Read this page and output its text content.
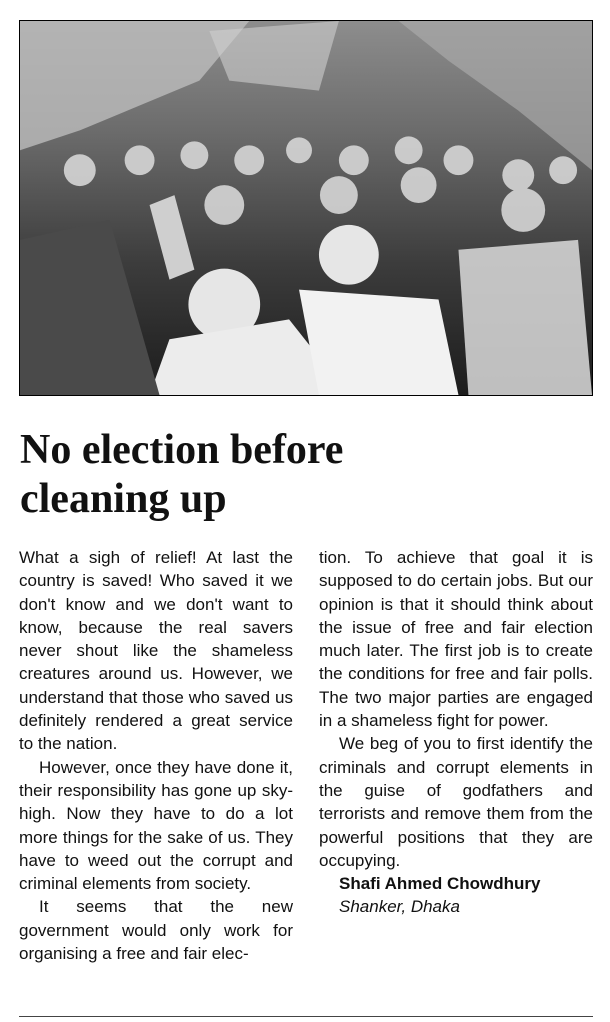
No election before
cleaning up

What a sigh of relief! At last the country is saved! Who saved it we don't know and we don't want to know, because the real savers never shout like the shameless creatures around us. However, we understand that those who saved us definitely rendered a great service to the nation.

However, once they have done it, their responsibility has gone up sky-high. Now they have to do a lot more things for the sake of us. They have to weed out the corrupt and criminal elements from society.

It seems that the new government would only work for organising a free and fair elec-

tion. To achieve that goal it is supposed to do certain jobs. But our opinion is that it should think about the issue of free and fair election much later. The first job is to create the conditions for free and fair polls. The two major parties are engaged in a shameless fight for power.

We beg of you to first identify the criminals and corrupt elements in the guise of godfathers and terrorists and remove them from the powerful positions that they are occupying.

Shafi Ahmed Chowdhury

Shanker, Dhaka
